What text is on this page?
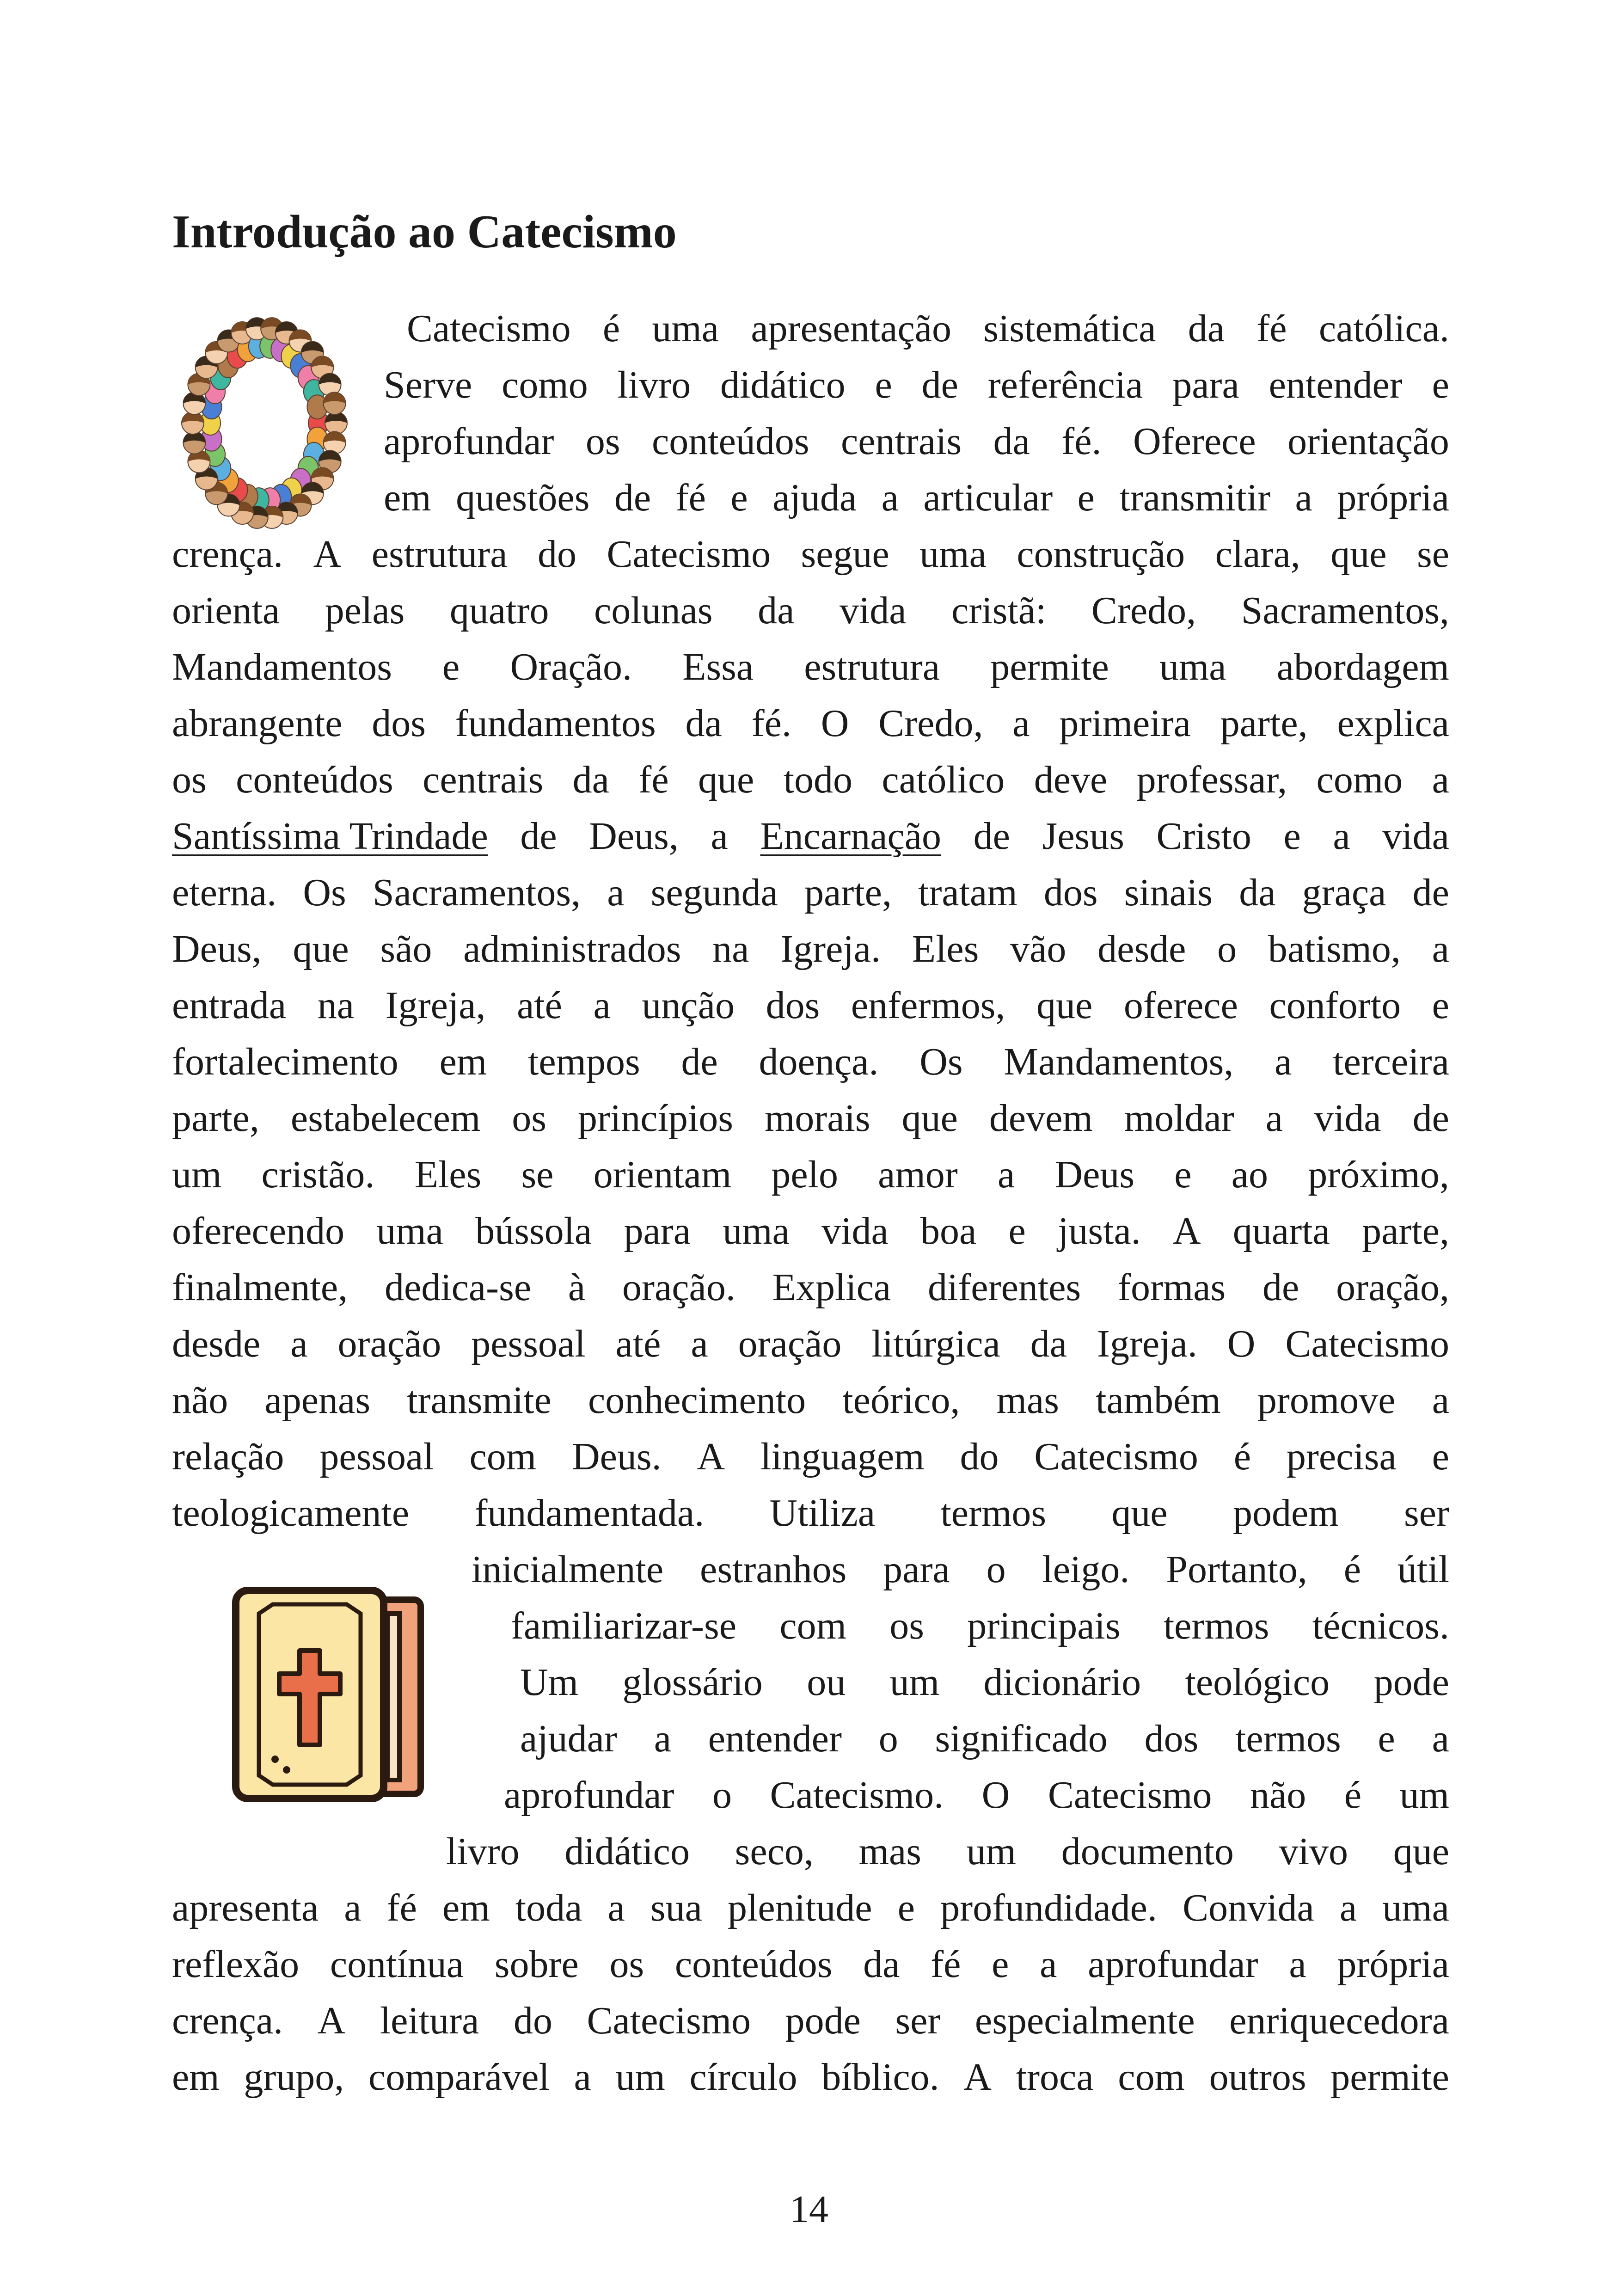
Introdução ao Catecismo
Catecismo é uma apresentação sistemática da fé católica.
Serve como livro didático e de referência para entender e
aprofundar os conteúdos centrais da fé. Oferece orientação
em questões de fé e ajuda a articular e transmitir a própria
crença. A estrutura do Catecismo segue uma construção clara, que se
orienta pelas quatro colunas da vida cristã: Credo, Sacramentos,
Mandamentos e Oração. Essa estrutura permite uma abordagem
abrangente dos fundamentos da fé. O Credo, a primeira parte, explica
os conteúdos centrais da fé que todo católico deve professar, como a
Santíssima Trindade de Deus, a Encarnação de Jesus Cristo e a vida
eterna. Os Sacramentos, a segunda parte, tratam dos sinais da graça de
Deus, que são administrados na Igreja. Eles vão desde o batismo, a
entrada na Igreja, até a unção dos enfermos, que oferece conforto e
fortalecimento em tempos de doença. Os Mandamentos, a terceira
parte, estabelecem os princípios morais que devem moldar a vida de
um cristão. Eles se orientam pelo amor a Deus e ao próximo,
oferecendo uma bússola para uma vida boa e justa. A quarta parte,
finalmente, dedica-se à oração. Explica diferentes formas de oração,
desde a oração pessoal até a oração litúrgica da Igreja. O Catecismo
não apenas transmite conhecimento teórico, mas também promove a
relação pessoal com Deus. A linguagem do Catecismo é precisa e
teologicamente fundamentada. Utiliza termos que podem ser
inicialmente estranhos para o leigo. Portanto, é útil
familiarizar-se com os principais termos técnicos.
Um glossário ou um dicionário teológico pode
ajudar a entender o significado dos termos e a
aprofundar o Catecismo. O Catecismo não é um
livro didático seco, mas um documento vivo que
apresenta a fé em toda a sua plenitude e profundidade. Convida a uma
reflexão contínua sobre os conteúdos da fé e a aprofundar a própria
crença. A leitura do Catecismo pode ser especialmente enriquecedora
em grupo, comparável a um círculo bíblico. A troca com outros permite
14
